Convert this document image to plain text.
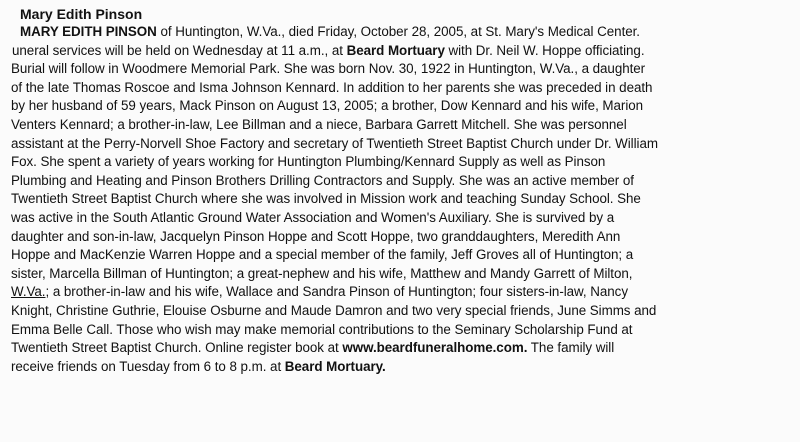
Mary Edith Pinson
MARY EDITH PINSON of Huntington, W.Va., died Friday, October 28, 2005, at St. Mary's Medical Center.
uneral services will be held on Wednesday at 11 a.m., at Beard Mortuary with Dr. Neil W. Hoppe officiating.
Burial will follow in Woodmere Memorial Park. She was born Nov. 30, 1922 in Huntington, W.Va., a daughter
of the late Thomas Roscoe and Isma Johnson Kennard. In addition to her parents she was preceded in death
by her husband of 59 years, Mack Pinson on August 13, 2005; a brother, Dow Kennard and his wife, Marion
Venters Kennard; a brother-in-law, Lee Billman and a niece, Barbara Garrett Mitchell. She was personnel
assistant at the Perry-Norvell Shoe Factory and secretary of Twentieth Street Baptist Church under Dr. William
Fox. She spent a variety of years working for Huntington Plumbing/Kennard Supply as well as Pinson
Plumbing and Heating and Pinson Brothers Drilling Contractors and Supply. She was an active member of
Twentieth Street Baptist Church where she was involved in Mission work and teaching Sunday School. She
was active in the South Atlantic Ground Water Association and Women's Auxiliary. She is survived by a
daughter and son-in-law, Jacquelyn Pinson Hoppe and Scott Hoppe, two granddaughters, Meredith Ann
Hoppe and MacKenzie Warren Hoppe and a special member of the family, Jeff Groves all of Huntington; a
sister, Marcella Billman of Huntington; a great-nephew and his wife, Matthew and Mandy Garrett of Milton,
W.Va.; a brother-in-law and his wife, Wallace and Sandra Pinson of Huntington; four sisters-in-law, Nancy
Knight, Christine Guthrie, Elouise Osburne and Maude Damron and two very special friends, June Simms and
Emma Belle Call. Those who wish may make memorial contributions to the Seminary Scholarship Fund at
Twentieth Street Baptist Church. Online register book at www.beardfuneralhome.com. The family will
receive friends on Tuesday from 6 to 8 p.m. at Beard Mortuary.
